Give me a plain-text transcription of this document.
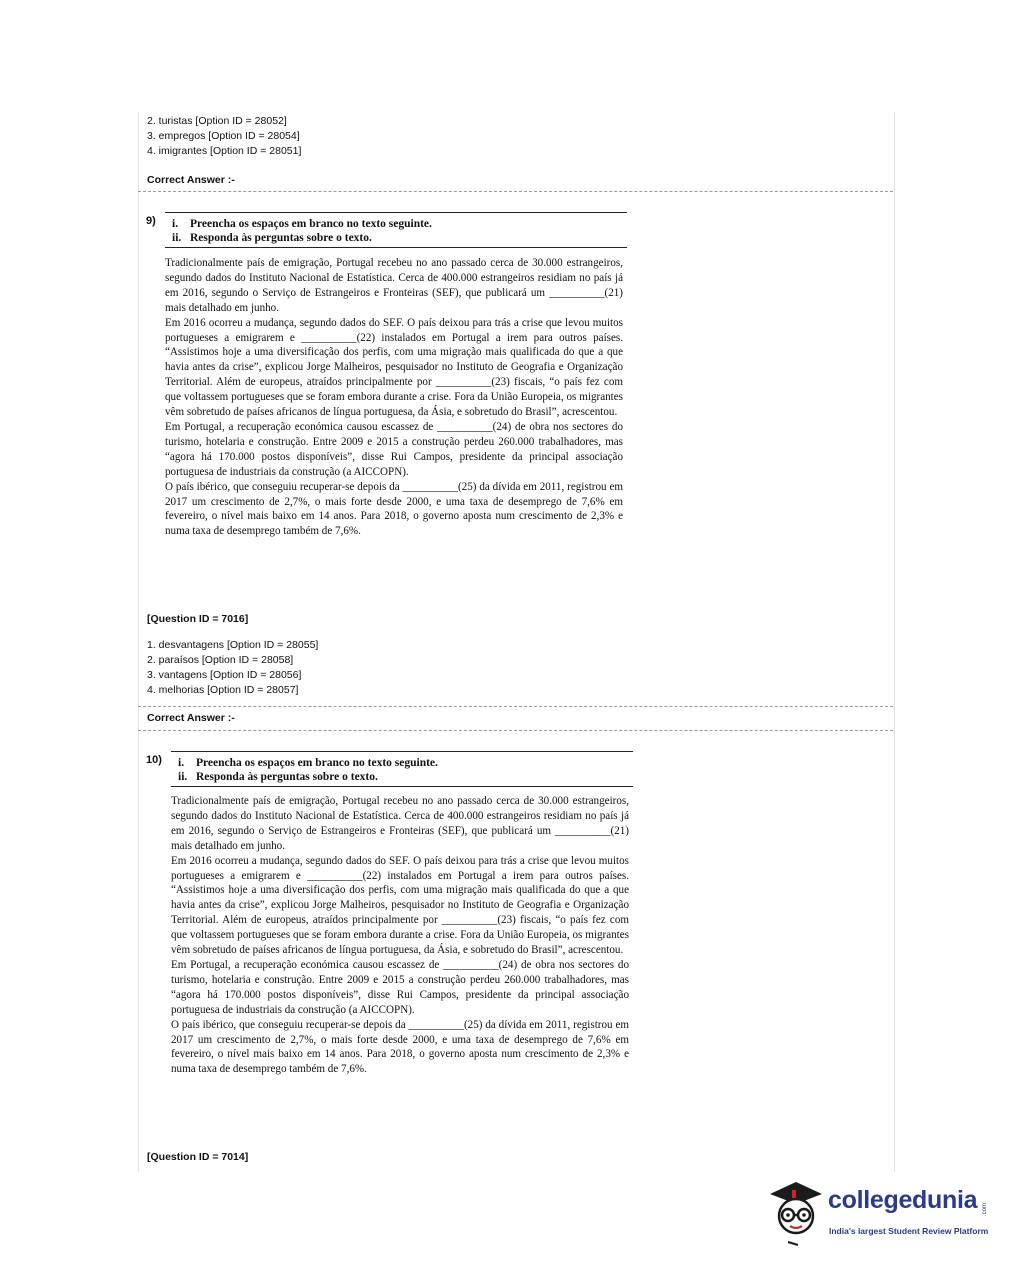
2. turistas [Option ID = 28052]
3. empregos [Option ID = 28054]
4. imigrantes [Option ID = 28051]
Correct Answer :-
9)	i. Preencha os espaços em branco no texto seguinte.
ii. Responda às perguntas sobre o texto.

Tradicionalmente país de emigração, Portugal recebeu no ano passado cerca de 30.000 estrangeiros, segundo dados do Instituto Nacional de Estatística. Cerca de 400.000 estrangeiros residiam no país já em 2016, segundo o Serviço de Estrangeiros e Fronteiras (SEF), que publicará um __________(21) mais detalhado em junho.

Em 2016 ocorreu a mudança, segundo dados do SEF. O país deixou para trás a crise que levou muitos portugueses a emigrarem e __________(22) instalados em Portugal a irem para outros países. “Assistimos hoje a uma diversificação dos perfis, com uma migração mais qualificada do que a que havia antes da crise”, explicou Jorge Malheiros, pesquisador no Instituto de Geografia e Organização Territorial. Além de europeus, atraídos principalmente por __________(23) fiscais, “o país fez com que voltassem portugueses que se foram embora durante a crise. Fora da União Europeia, os migrantes vêm sobretudo de países africanos de língua portuguesa, da Ásia, e sobretudo do Brasil”, acrescentou.

Em Portugal, a recuperação económica causou escassez de __________(24) de obra nos sectores do turismo, hotelaria e construção. Entre 2009 e 2015 a construção perdeu 260.000 trabalhadores, mas “agora há 170.000 postos disponíveis”, disse Rui Campos, presidente da principal associação portuguesa de industriais da construção (a AICCOPN).

O país ibérico, que conseguiu recuperar-se depois da __________(25) da dívida em 2011, registrou em 2017 um crescimento de 2,7%, o mais forte desde 2000, e uma taxa de desemprego de 7,6% em fevereiro, o nível mais baixo em 14 anos. Para 2018, o governo aposta num crescimento de 2,3% e numa taxa de desemprego também de 7,6%.

[Question ID = 7016]
1. desvantagens [Option ID = 28055]
2. paraísos [Option ID = 28058]
3. vantagens [Option ID = 28056]
4. melhorias [Option ID = 28057]
Correct Answer :-
10)	i. Preencha os espaços em branco no texto seguinte.
ii. Responda às perguntas sobre o texto.

Tradicionalmente país de emigração, Portugal recebeu no ano passado cerca de 30.000 estrangeiros, segundo dados do Instituto Nacional de Estatística. Cerca de 400.000 estrangeiros residiam no país já em 2016, segundo o Serviço de Estrangeiros e Fronteiras (SEF), que publicará um __________(21) mais detalhado em junho.

Em 2016 ocorreu a mudança, segundo dados do SEF. O país deixou para trás a crise que levou muitos portugueses a emigrarem e __________(22) instalados em Portugal a irem para outros países. “Assistimos hoje a uma diversificação dos perfis, com uma migração mais qualificada do que a que havia antes da crise”, explicou Jorge Malheiros, pesquisador no Instituto de Geografia e Organização Territorial. Além de europeus, atraídos principalmente por __________(23) fiscais, “o país fez com que voltassem portugueses que se foram embora durante a crise. Fora da União Europeia, os migrantes vêm sobretudo de países africanos de língua portuguesa, da Ásia, e sobretudo do Brasil”, acrescentou.

Em Portugal, a recuperação económica causou escassez de __________(24) de obra nos sectores do turismo, hotelaria e construção. Entre 2009 e 2015 a construção perdeu 260.000 trabalhadores, mas “agora há 170.000 postos disponíveis”, disse Rui Campos, presidente da principal associação portuguesa de industriais da construção (a AICCOPN).

O país ibérico, que conseguiu recuperar-se depois da __________(25) da dívida em 2011, registrou em 2017 um crescimento de 2,7%, o mais forte desde 2000, e uma taxa de desemprego de 7,6% em fevereiro, o nível mais baixo em 14 anos. Para 2018, o governo aposta num crescimento de 2,3% e numa taxa de desemprego também de 7,6%.

[Question ID = 7014]
collegedunia .com
India's largest Student Review Platform
